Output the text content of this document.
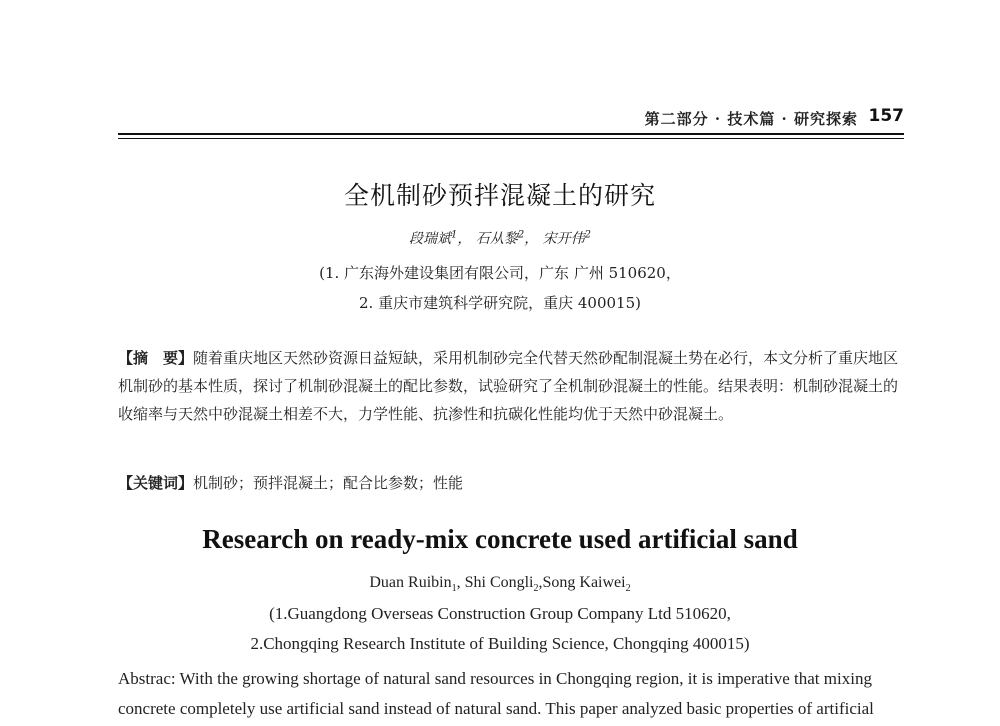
第二部分 · 技术篇 · 研究探索 157
全机制砂预拌混凝土的研究
段瑞斌$^1$， 石从黎$^2$， 宋开伟$^2$
(1. 广东海外建设集团有限公司，广东 广州 510620，
2. 重庆市建筑科学研究院，重庆 400015)

【摘　要】随着重庆地区天然砂资源日益短缺，采用机制砂完全代替天然砂配制混凝土势在必行，本文分析了重庆地区机制砂的基本性质，探讨了机制砂混凝土的配比参数，试验研究了全机制砂混凝土的性能。结果表明：机制砂混凝土的收缩率与天然中砂混凝土相差不大，力学性能、抗渗性和抗碳化性能均优于天然中砂混凝土。

【关键词】机制砂；预拌混凝土；配合比参数；性能
Research on ready-mix concrete used artificial sand
Duan Ruibin$_1$, Shi Congli$_2$,Song Kaiwei$_2$
(1.Guangdong Overseas Construction Group Company Ltd 510620,
2.Chongqing Research Institute of Building Science, Chongqing 400015)

Abstrac: With the growing shortage of natural sand resources in Chongqing region, it is imperative that mixing concrete completely use artificial sand instead of natural sand. This paper analyzed basic properties of artificial
